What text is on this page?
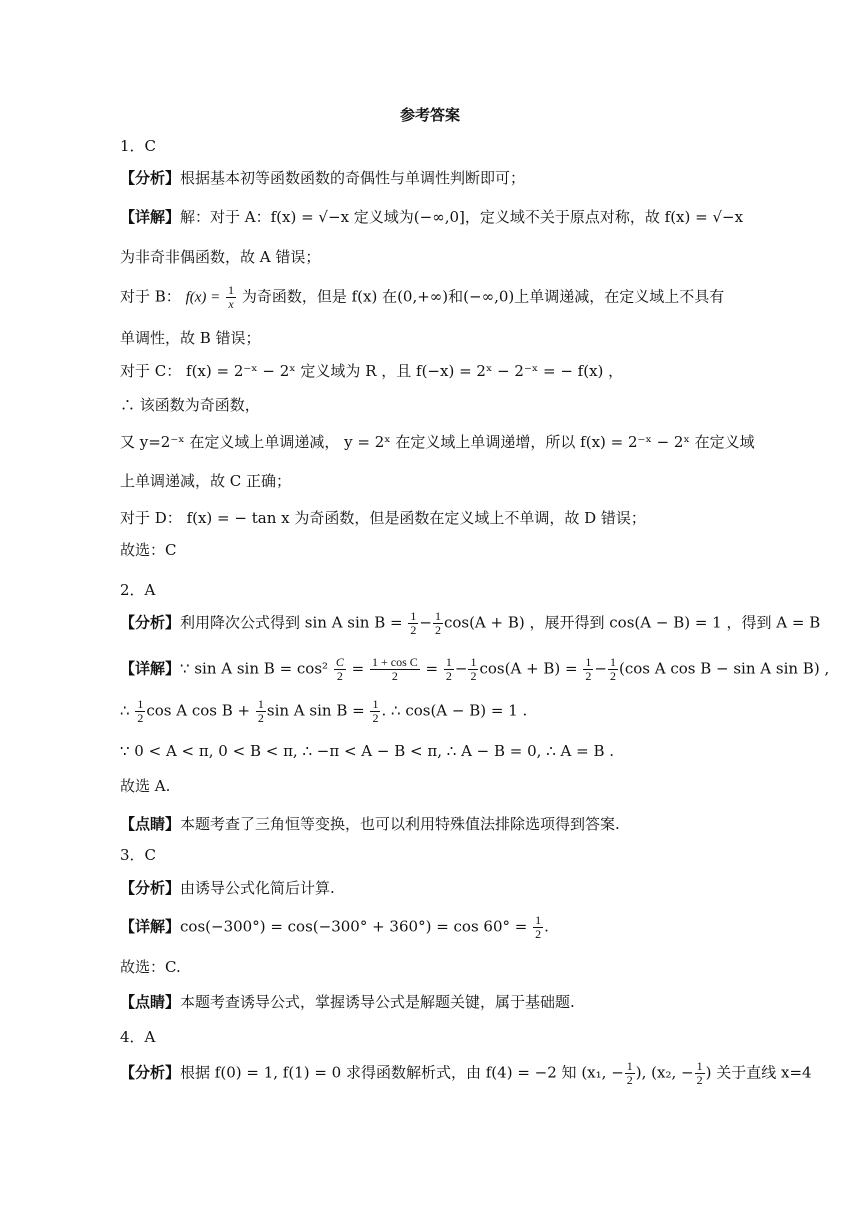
参考答案
1．C
【分析】根据基本初等函数函数的奇偶性与单调性判断即可；
【详解】解：对于 A：f(x) = √−x 定义域为(−∞,0]，定义域不关于原点对称，故 f(x) = √−x
为非奇非偶函数，故 A 错误；
对于 B： $f(x) = \frac{1}{x}$ 为奇函数，但是 f(x) 在(0,+∞)和(−∞,0)上单调递减，在定义域上不具有
单调性，故 B 错误；
对于 C： f(x) = 2⁻ˣ − 2ˣ 定义域为 R ，且 f(−x) = 2ˣ − 2⁻ˣ = − f(x) ，
∴ 该函数为奇函数，
又 y=2⁻ˣ 在定义域上单调递减， y = 2ˣ 在定义域上单调递增，所以 f(x) = 2⁻ˣ − 2ˣ 在定义域
上单调递减，故 C 正确；
对于 D： f(x) = − tan x 为奇函数，但是函数在定义域上不单调，故 D 错误；
故选：C
2．A
【分析】利用降次公式得到 sin A $\sin B = \frac{1}{2} - \frac{1}{2} \cos(A + B)$ ，展开得到 cos(A − B) = 1 ，得到 A = B
【详解】∵ sin A $\sin B = \cos^2 \frac{C}{2} = \frac{\text{1 + cos C}}{2} = \frac{1}{2} - \frac{1}{2} \cos(A + B) = \frac{1}{2} - \frac{1}{2} (\cos$ A cos B − sin A sin B) ,
∴ $\frac{1}{2}$ cos A $\cos B + \frac{1}{2}$ sin A $\sin B = \frac{1}{2}$ . ∴ cos(A − B) = 1 .
∵ 0 < A < π, 0 < B < π, ∴ −π < A − B < π, ∴ A − B = 0, ∴ A = B .
故选 A.
【点睛】本题考查了三角恒等变换，也可以利用特殊值法排除选项得到答案.
3．C
【分析】由诱导公式化简后计算.
【详解】$\cos(-300^\circ) = \cos(-300^\circ + 360^\circ) = \cos 60^\circ = \frac{1}{2}$ .
故选：C.
【点睛】本题考查诱导公式，掌握诱导公式是解题关键，属于基础题.
4．A
【分析】根据 f(0) = 1, f(1) = 0 求得函数解析式，由 f(4) = −2 知 (x₁, − $\frac{1}{2}$ ), (x₂, − $\frac{1}{2}$ ) 关于直线 x=4
